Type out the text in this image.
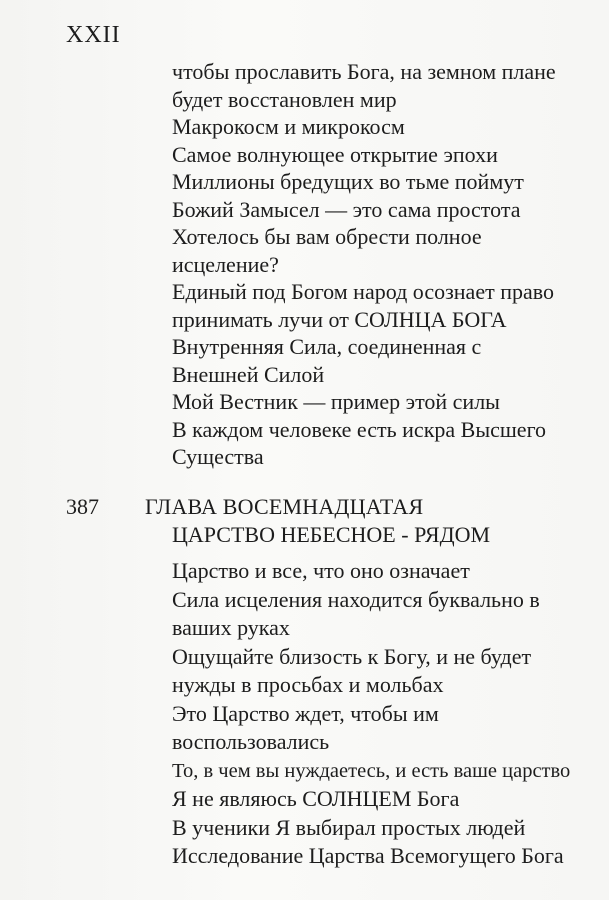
XXII
чтобы прославить Бога, на земном плане
будет восстановлен мир
Макрокосм и микрокосм
Самое волнующее открытие эпохи
Миллионы бредущих во тьме поймут
Божий Замысел — это сама простота
Хотелось бы вам обрести полное
исцеление?
Единый под Богом народ осознает право
принимать лучи от СОЛНЦА БОГА
Внутренняя Сила, соединенная с
Внешней Силой
Мой Вестник — пример этой силы
В каждом человеке есть искра Высшего
Существа
387 ГЛАВА ВОСЕМНАДЦАТАЯ
ЦАРСТВО НЕБЕСНОЕ - РЯДОМ
Царство и все, что оно означает
Сила исцеления находится буквально в
ваших руках
Ощущайте близость к Богу, и не будет
нужды в просьбах и мольбах
Это Царство ждет, чтобы им
воспользовались
То, в чем вы нуждаетесь, и есть ваше царство
Я не являюсь СОЛНЦЕМ Бога
В ученики Я выбирал простых людей
Исследование Царства Всемогущего Бога
